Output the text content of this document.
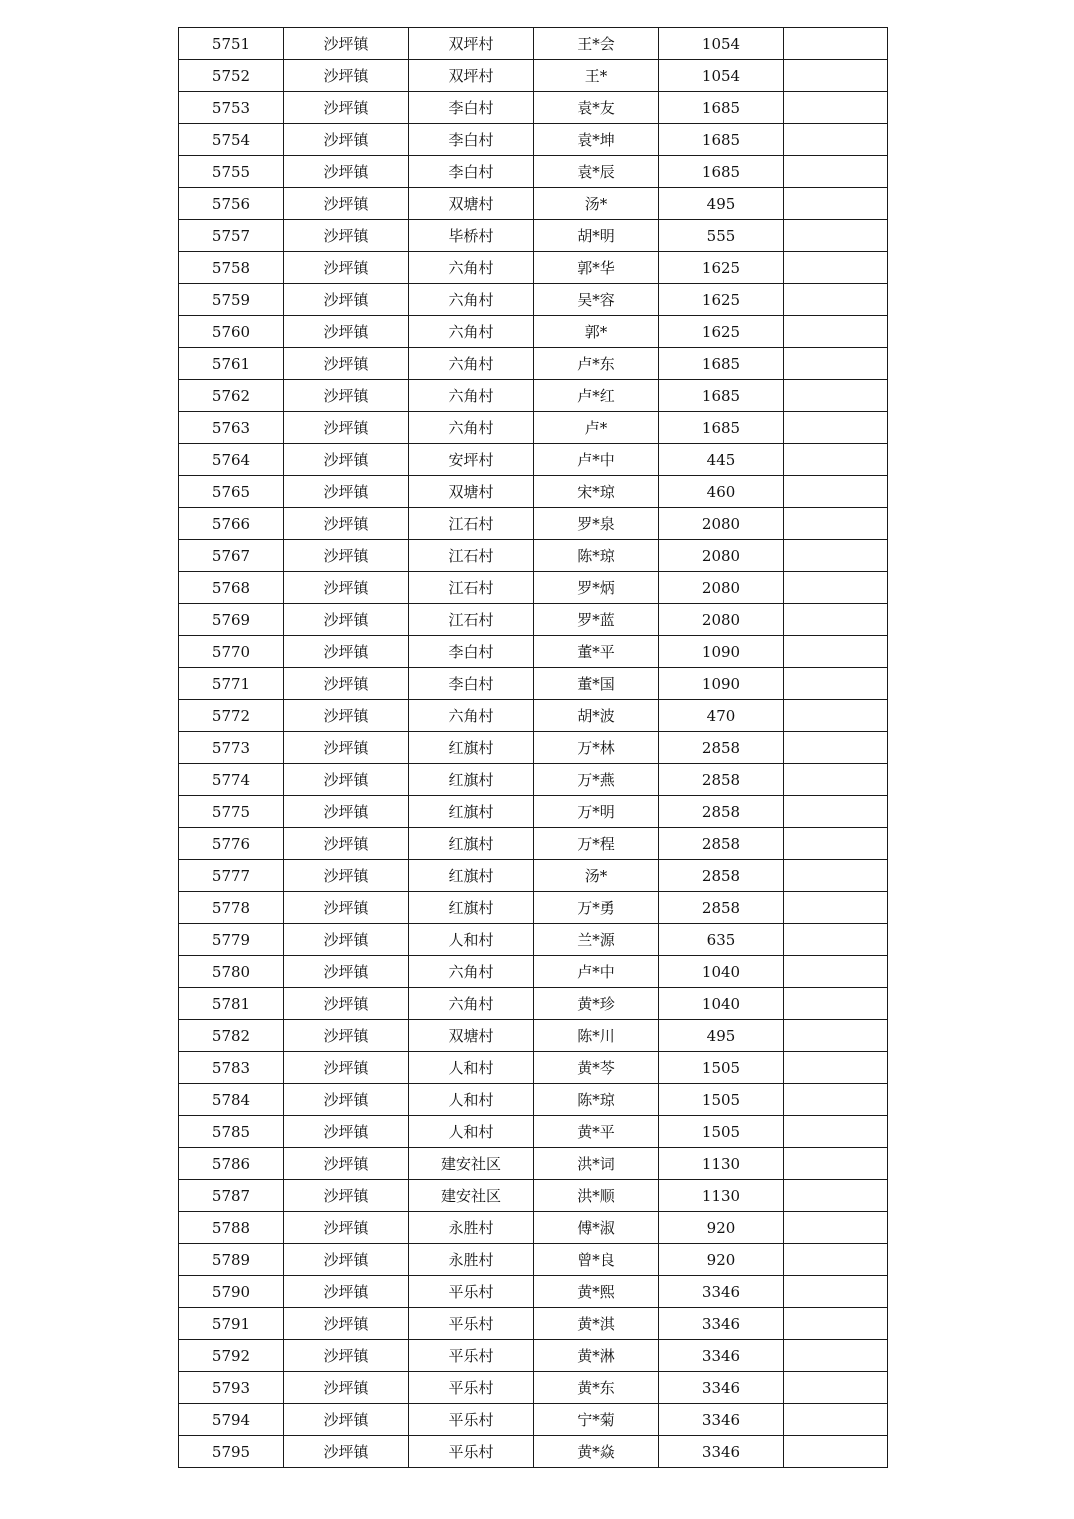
5751	沙坪镇	双坪村	王*会	1054	
5752	沙坪镇	双坪村	王*	1054	
5753	沙坪镇	李白村	袁*友	1685	
5754	沙坪镇	李白村	袁*坤	1685	
5755	沙坪镇	李白村	袁*辰	1685	
5756	沙坪镇	双塘村	汤*	495	
5757	沙坪镇	毕桥村	胡*明	555	
5758	沙坪镇	六角村	郭*华	1625	
5759	沙坪镇	六角村	吴*容	1625	
5760	沙坪镇	六角村	郭*	1625	
5761	沙坪镇	六角村	卢*东	1685	
5762	沙坪镇	六角村	卢*红	1685	
5763	沙坪镇	六角村	卢*	1685	
5764	沙坪镇	安坪村	卢*中	445	
5765	沙坪镇	双塘村	宋*琼	460	
5766	沙坪镇	江石村	罗*泉	2080	
5767	沙坪镇	江石村	陈*琼	2080	
5768	沙坪镇	江石村	罗*炳	2080	
5769	沙坪镇	江石村	罗*蓝	2080	
5770	沙坪镇	李白村	董*平	1090	
5771	沙坪镇	李白村	董*国	1090	
5772	沙坪镇	六角村	胡*波	470	
5773	沙坪镇	红旗村	万*林	2858	
5774	沙坪镇	红旗村	万*燕	2858	
5775	沙坪镇	红旗村	万*明	2858	
5776	沙坪镇	红旗村	万*程	2858	
5777	沙坪镇	红旗村	汤*	2858	
5778	沙坪镇	红旗村	万*勇	2858	
5779	沙坪镇	人和村	兰*源	635	
5780	沙坪镇	六角村	卢*中	1040	
5781	沙坪镇	六角村	黄*珍	1040	
5782	沙坪镇	双塘村	陈*川	495	
5783	沙坪镇	人和村	黄*芩	1505	
5784	沙坪镇	人和村	陈*琼	1505	
5785	沙坪镇	人和村	黄*平	1505	
5786	沙坪镇	建安社区	洪*词	1130	
5787	沙坪镇	建安社区	洪*顺	1130	
5788	沙坪镇	永胜村	傅*淑	920	
5789	沙坪镇	永胜村	曾*良	920	
5790	沙坪镇	平乐村	黄*熙	3346	
5791	沙坪镇	平乐村	黄*淇	3346	
5792	沙坪镇	平乐村	黄*淋	3346	
5793	沙坪镇	平乐村	黄*东	3346	
5794	沙坪镇	平乐村	宁*菊	3346	
5795	沙坪镇	平乐村	黄*焱	3346	
